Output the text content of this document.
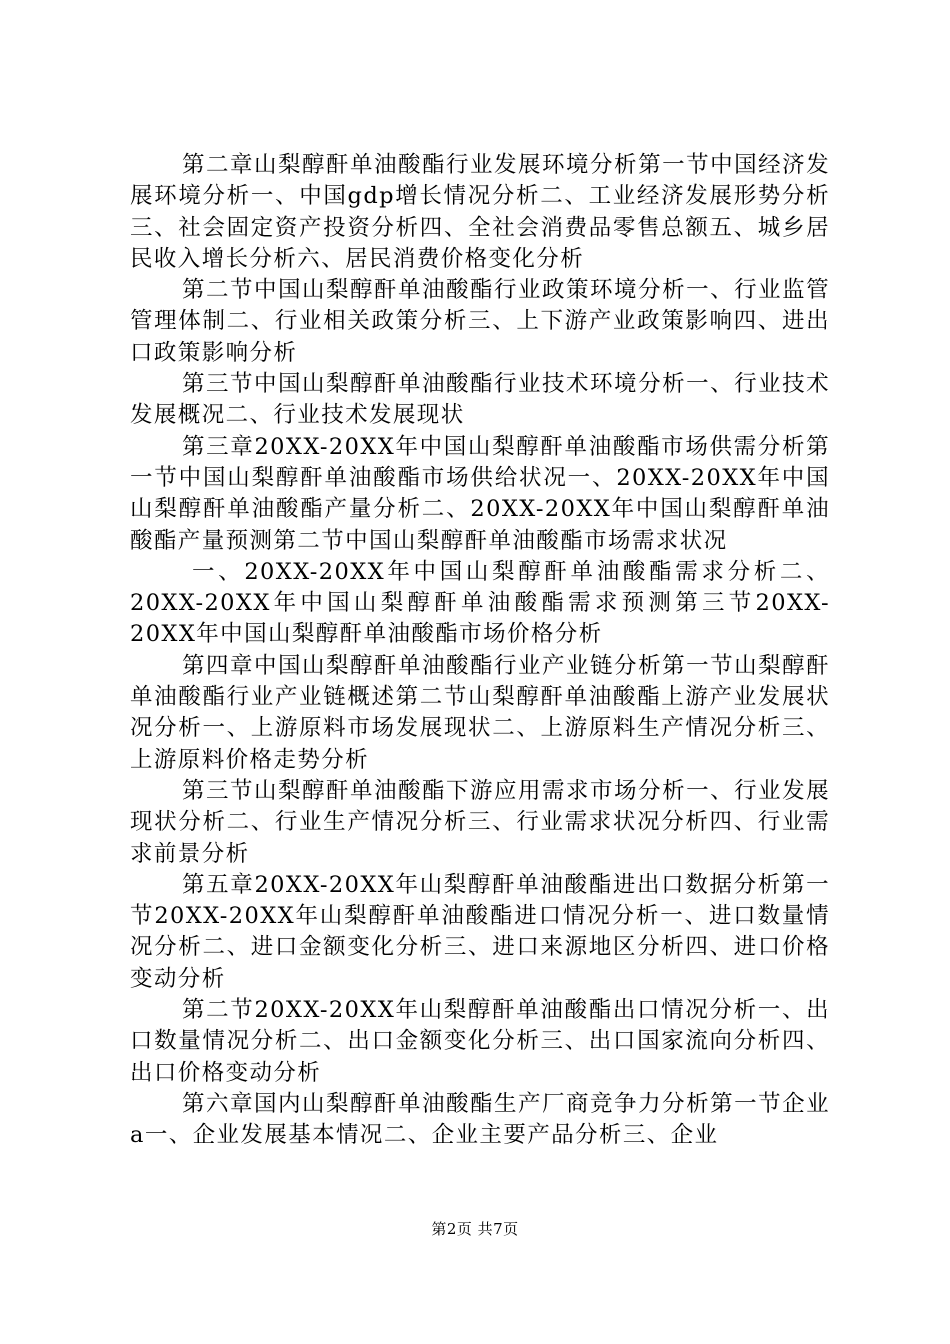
第二章山梨醇酐单油酸酯行业发展环境分析第一节中国经济发展环境分析一、中国gdp增长情况分析二、工业经济发展形势分析三、社会固定资产投资分析四、全社会消费品零售总额五、城乡居民收入增长分析六、居民消费价格变化分析

第二节中国山梨醇酐单油酸酯行业政策环境分析一、行业监管管理体制二、行业相关政策分析三、上下游产业政策影响四、进出口政策影响分析

第三节中国山梨醇酐单油酸酯行业技术环境分析一、行业技术发展概况二、行业技术发展现状

第三章20XX-20XX年中国山梨醇酐单油酸酯市场供需分析第一节中国山梨醇酐单油酸酯市场供给状况一、20XX-20XX年中国山梨醇酐单油酸酯产量分析二、20XX-20XX年中国山梨醇酐单油酸酯产量预测第二节中国山梨醇酐单油酸酯市场需求状况

一、20XX-20XX年中国山梨醇酐单油酸酯需求分析二、20XX-20XX年中国山梨醇酐单油酸酯需求预测第三节20XX-20XX年中国山梨醇酐单油酸酯市场价格分析

第四章中国山梨醇酐单油酸酯行业产业链分析第一节山梨醇酐单油酸酯行业产业链概述第二节山梨醇酐单油酸酯上游产业发展状况分析一、上游原料市场发展现状二、上游原料生产情况分析三、上游原料价格走势分析

第三节山梨醇酐单油酸酯下游应用需求市场分析一、行业发展现状分析二、行业生产情况分析三、行业需求状况分析四、行业需求前景分析

第五章20XX-20XX年山梨醇酐单油酸酯进出口数据分析第一节20XX-20XX年山梨醇酐单油酸酯进口情况分析一、进口数量情况分析二、进口金额变化分析三、进口来源地区分析四、进口价格变动分析

第二节20XX-20XX年山梨醇酐单油酸酯出口情况分析一、出口数量情况分析二、出口金额变化分析三、出口国家流向分析四、出口价格变动分析

第六章国内山梨醇酐单油酸酯生产厂商竞争力分析第一节企业a一、企业发展基本情况二、企业主要产品分析三、企业

第2页 共7页
